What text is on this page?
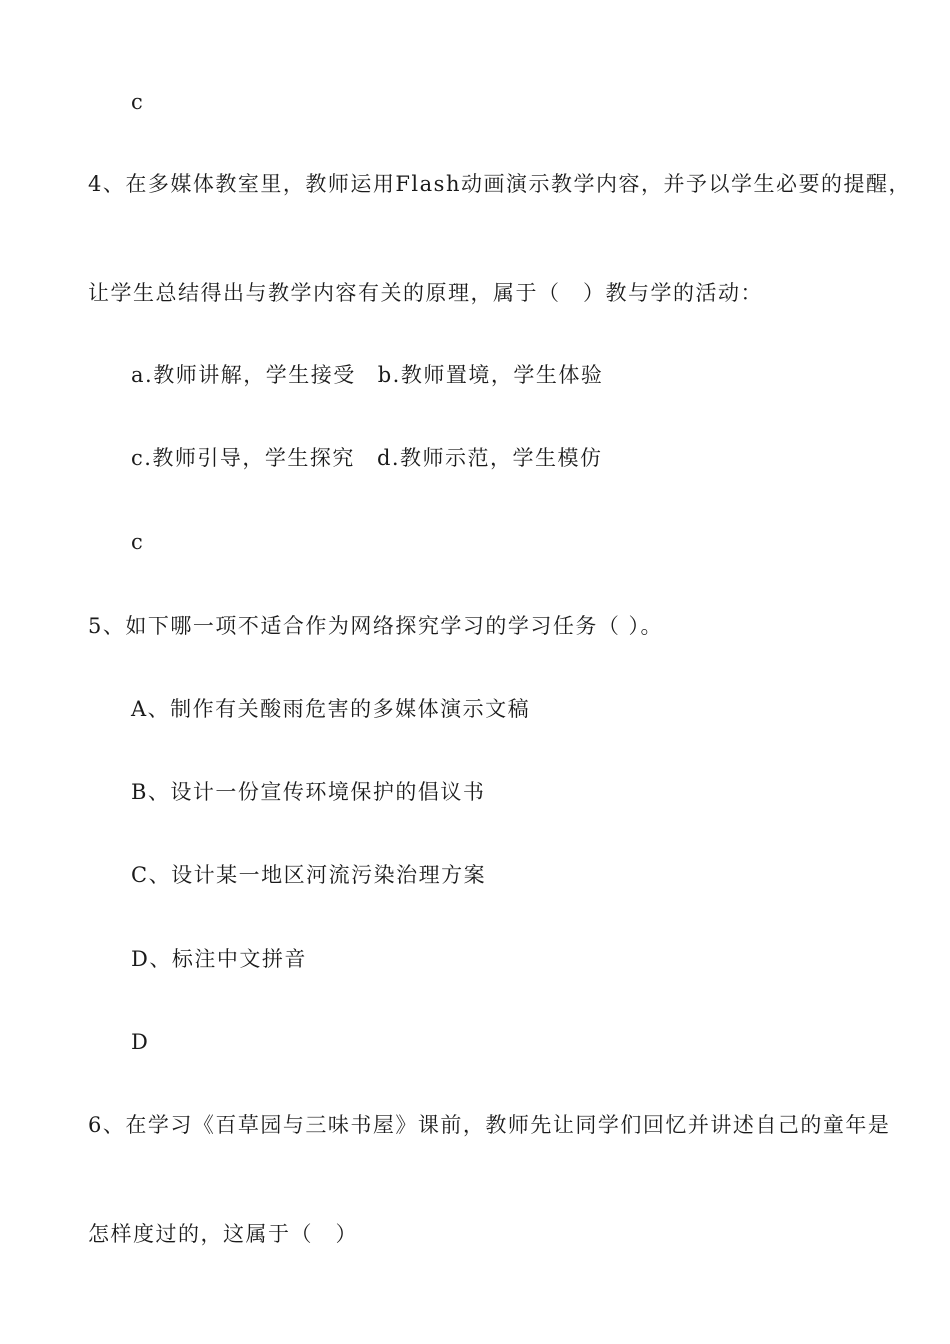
c
4、在多媒体教室里，教师运用Flash动画演示教学内容，并予以学生必要的提醒，
让学生总结得出与教学内容有关的原理，属于（　）教与学的活动：
a.教师讲解，学生接受 b.教师置境，学生体验
c.教师引导，学生探究 d.教师示范，学生模仿
c
5、如下哪一项不适合作为网络探究学习的学习任务（ ）。
A、制作有关酸雨危害的多媒体演示文稿
B、设计一份宣传环境保护的倡议书
C、设计某一地区河流污染治理方案
D、标注中文拼音
D
6、在学习《百草园与三味书屋》课前，教师先让同学们回忆并讲述自己的童年是
怎样度过的，这属于（　）
